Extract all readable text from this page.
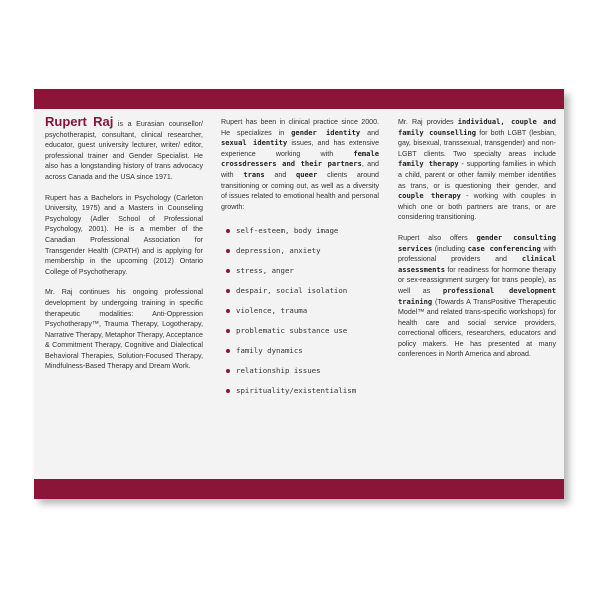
Rupert Raj is a Eurasian counsellor/ psychotherapist, consultant, clinical researcher, educator, guest university lecturer, writer/ editor, professional trainer and Gender Specialist. He also has a longstanding history of trans advocacy across Canada and the USA since 1971.

Rupert has a Bachelors in Psychology (Carleton University, 1975) and a Masters in Counseling Psychology (Adler School of Professional Psychology, 2001). He is a member of the Canadian Professional Association for Transgender Health (CPATH) and is applying for membership in the upcoming (2012) Ontario College of Psychotherapy.

Mr. Raj continues his ongoing professional development by undergoing training in specific therapeutic modalities: Anti-Oppression Psychotherapy™, Trauma Therapy, Logotherapy, Narrative Therapy, Metaphor Therapy, Acceptance & Commitment Therapy, Cognitive and Dialectical Behavioral Therapies, Solution-Focused Therapy, Mindfulness-Based Therapy and Dream Work.

Rupert has been in clinical practice since 2000. He specializes in gender identity and sexual identity issues, and has extensive experience working with female crossdressers and their partners, and with trans and queer clients around transitioning or coming out, as well as a diversity of issues related to emotional health and personal growth:

self-esteem, body image
depression, anxiety
stress, anger
despair, social isolation
violence, trauma
problematic substance use
family dynamics
relationship issues
spirituality/existentialism

Mr. Raj provides individual, couple and family counselling for both LGBT (lesbian, gay, bisexual, transsexual, transgender) and non-LGBT clients. Two specialty areas include family therapy - supporting families in which a child, parent or other family member identifies as trans, or is questioning their gender, and couple therapy - working with couples in which one or both partners are trans, or are considering transitioning.

Rupert also offers gender consulting services (including case conferencing with professional providers and clinical assessments for readiness for hormone therapy or sex-reassignment surgery for trans people), as well as professional development training (Towards A TransPositive Therapeutic Model™ and related trans-specific workshops) for health care and social service providers, correctional officers, researchers, educators and policy makers. He has presented at many conferences in North America and abroad.
